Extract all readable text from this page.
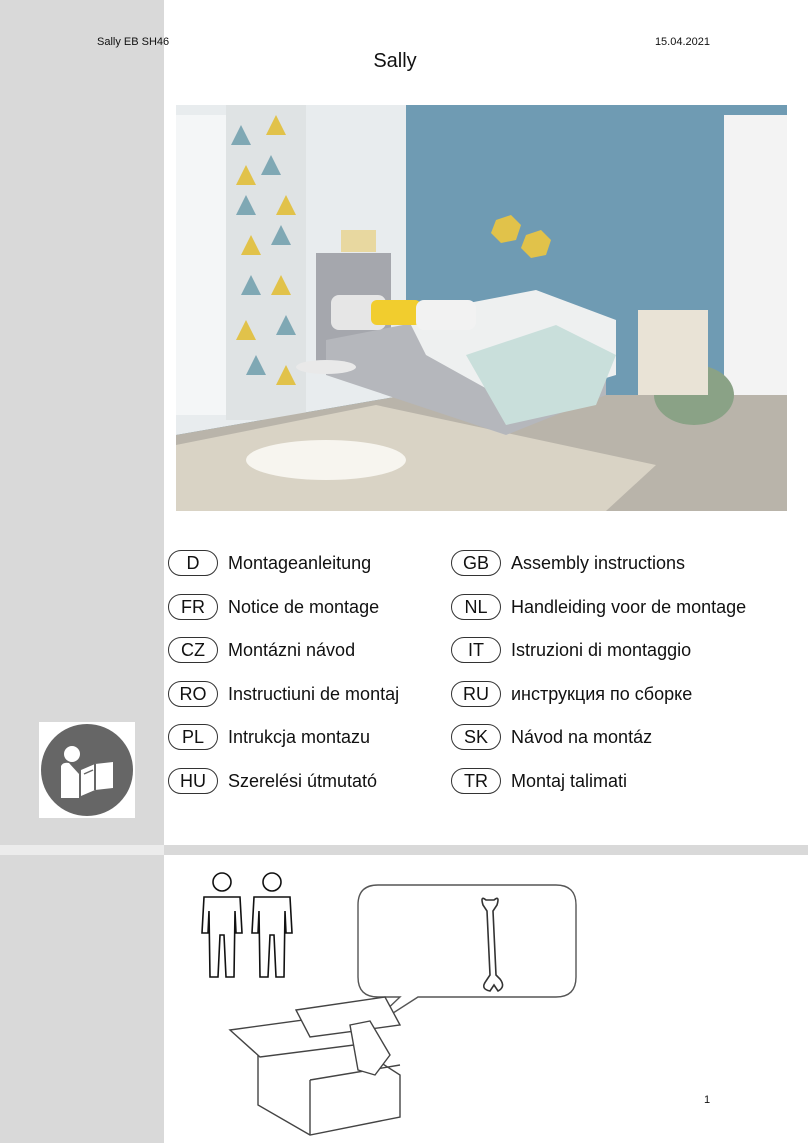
Sally EB SH46	15.04.2021
Sally
D	Montageanleitung	GB	Assembly instructions
FR	Notice de montage	NL	Handleiding voor de montage
CZ	Montázni návod	IT	Istruzioni di montaggio
RO	Instructiuni de montaj	RU	инструкция по сборке
PL	Intrukcja montazu	SK	Návod na montáz
HU	Szerelési útmutató	TR	Montaj talimati
1
